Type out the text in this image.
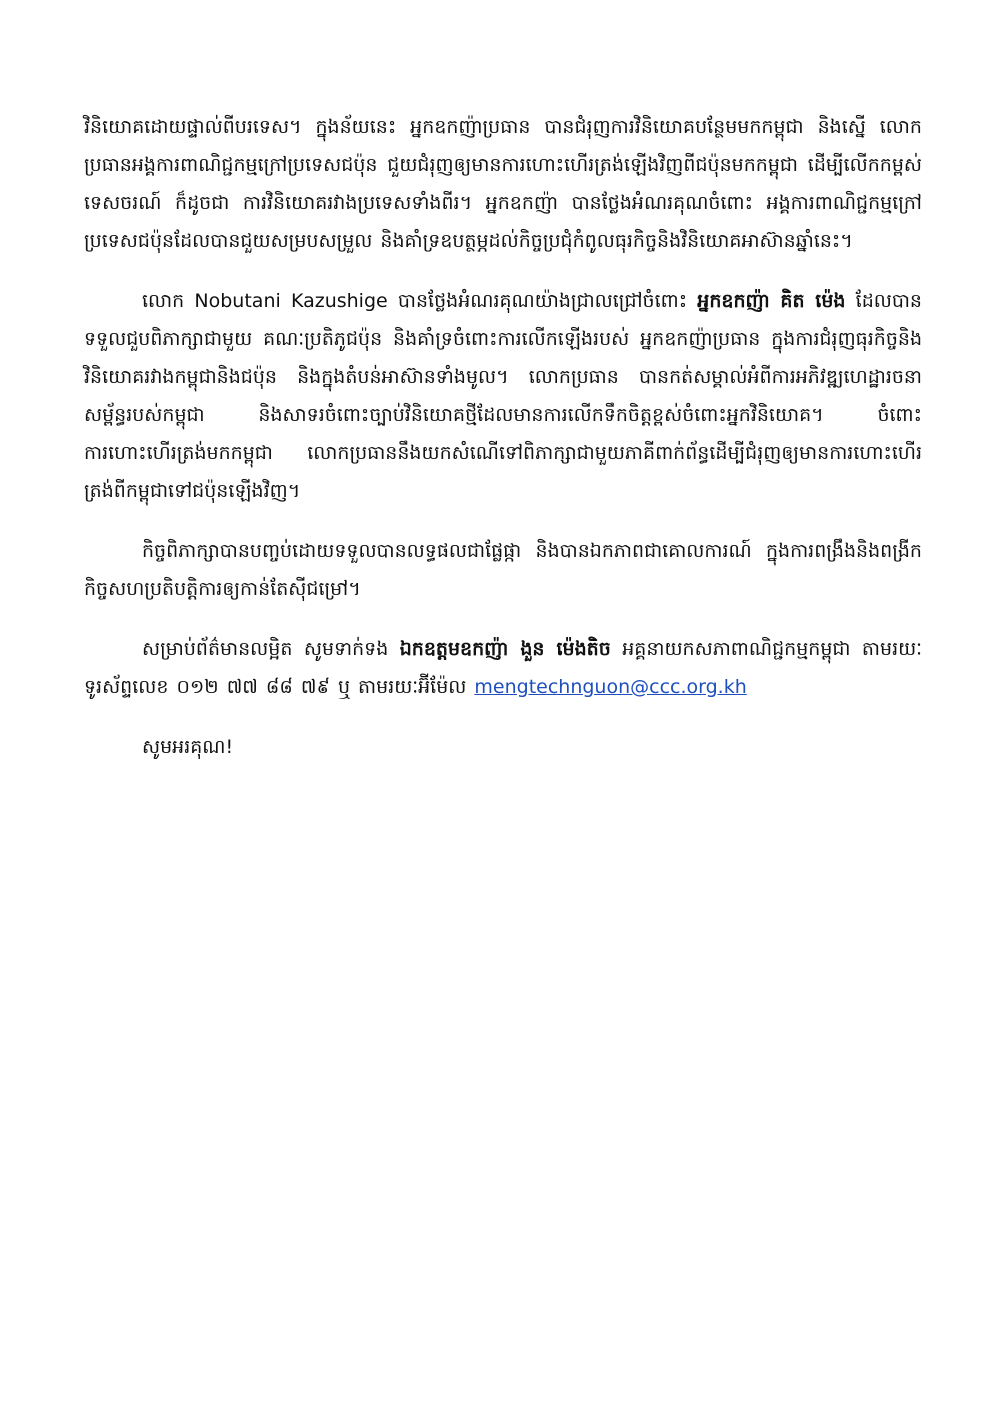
វិនិយោគដោយផ្ទាល់ពីបរទេស។ ក្នុងន័យនេះ អ្នកឧកញ៉ាប្រធាន បានជំរុញការវិនិយោគបន្ថែមមកកម្ពុជា និងស្នើ លោកប្រធានអង្គការពាណិជ្ជកម្មក្រៅប្រទេសជប៉ុន ជួយជំរុញឲ្យមានការហោះហើរត្រង់ឡើងវិញពីជប៉ុនមកកម្ពុជា ដើម្បីលើកកម្ពស់ទេសចរណ៍ ក៏ដូចជា ការវិនិយោគរវាងប្រទេសទាំងពីរ។ អ្នកឧកញ៉ា បានថ្លែងអំណរគុណចំពោះ អង្គការពាណិជ្ជកម្មក្រៅប្រទេសជប៉ុនដែលបានជួយសម្របសម្រួល និងគាំទ្រឧបត្ថម្ភដល់កិច្ចប្រជុំកំពូលធុរកិច្ចនិងវិនិយោគអាស៊ានឆ្នាំនេះ។

លោក Nobutani Kazushige បានថ្លែងអំណរគុណយ៉ាងជ្រាលជ្រៅចំពោះ អ្នកឧកញ៉ា គិត ម៉េង ដែលបានទទួលជួបពិភាក្សាជាមួយ គណៈប្រតិភូជប៉ុន និងគាំទ្រចំពោះការលើកឡើងរបស់ អ្នកឧកញ៉ាប្រធាន ក្នុងការជំរុញធុរកិច្ចនិងវិនិយោគរវាងកម្ពុជានិងជប៉ុន និងក្នុងតំបន់អាស៊ានទាំងមូល។ លោកប្រធាន បានកត់សម្គាល់អំពីការអភិវឌ្ឍហេដ្ឋារចនាសម្ព័ន្ធរបស់កម្ពុជា និងសាទរចំពោះច្បាប់វិនិយោគថ្មីដែលមានការលើកទឹកចិត្តខ្ពស់ចំពោះអ្នកវិនិយោគ។ ចំពោះការហោះហើរត្រង់មកកម្ពុជា លោកប្រធាននឹងយកសំណើទៅពិភាក្សាជាមួយភាគីពាក់ព័ន្ធដើម្បីជំរុញឲ្យមានការហោះហើរត្រង់ពីកម្ពុជាទៅជប៉ុនឡើងវិញ។

កិច្ចពិភាក្សាបានបញ្ចប់ដោយទទួលបានលទ្ធផលជាផ្លែផ្កា និងបានឯកភាពជាគោលការណ៍ ក្នុងការពង្រឹងនិងពង្រីកកិច្ចសហប្រតិបត្តិការឲ្យកាន់តែស៊ីជម្រៅ។

សម្រាប់ព័ត៌មានលម្អិត សូមទាក់ទង ឯកឧត្តមឧកញ៉ា ងួន ម៉េងតិច អគ្គនាយកសភាពាណិជ្ជកម្មកម្ពុជា តាមរយៈទូរស័ព្ទលេខ ០១២ ៧៧ ៨៨ ៧៩ ឬ តាមរយៈអ៊ីម៉ែល mengtechnguon@ccc.org.kh

សូមអរគុណ!
